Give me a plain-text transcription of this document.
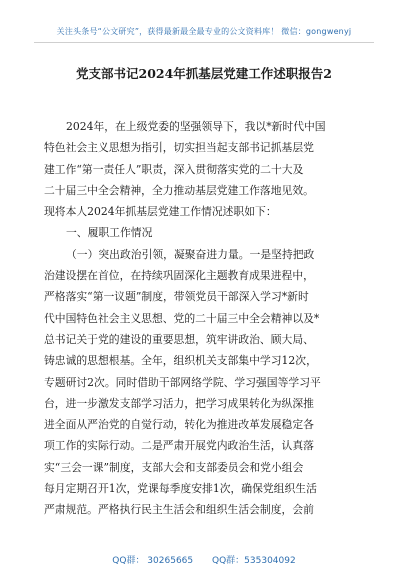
关注头条号“公文研究”，获得最新最全最专业的公文资料库！ 微信：gongwenyj
党支部书记2024年抓基层党建工作述职报告2
2024年，在上级党委的坚强领导下，我以*新时代中国
特色社会主义思想为指引，切实担当起支部书记抓基层党
建工作“第一责任人”职责，深入贯彻落实党的二十大及
二十届三中全会精神，全力推动基层党建工作落地见效。
现将本人2024年抓基层党建工作情况述职如下：
一、履职工作情况
（一）突出政治引领，凝聚奋进力量。一是坚持把政
治建设摆在首位，在持续巩固深化主题教育成果进程中，
严格落实“第一议题”制度，带领党员干部深入学习*新时
代中国特色社会主义思想、党的二十届三中全会精神以及*
总书记关于党的建设的重要思想，筑牢讲政治、顾大局、
铸忠诚的思想根基。全年，组织机关支部集中学习12次，
专题研讨2次。同时借助干部网络学院、学习强国等学习平
台，进一步激发支部学习活力，把学习成果转化为纵深推
进全面从严治党的自觉行动，转化为推进改革发展稳定各
项工作的实际行动。二是严肃开展党内政治生活，认真落
实“三会一课”制度，支部大会和支部委员会和党小组会
每月定期召开1次，党课每季度安排1次，确保党组织生活
严肃规范。严格执行民主生活会和组织生活会制度，会前
QQ群： 30265665 QQ群：535304092
